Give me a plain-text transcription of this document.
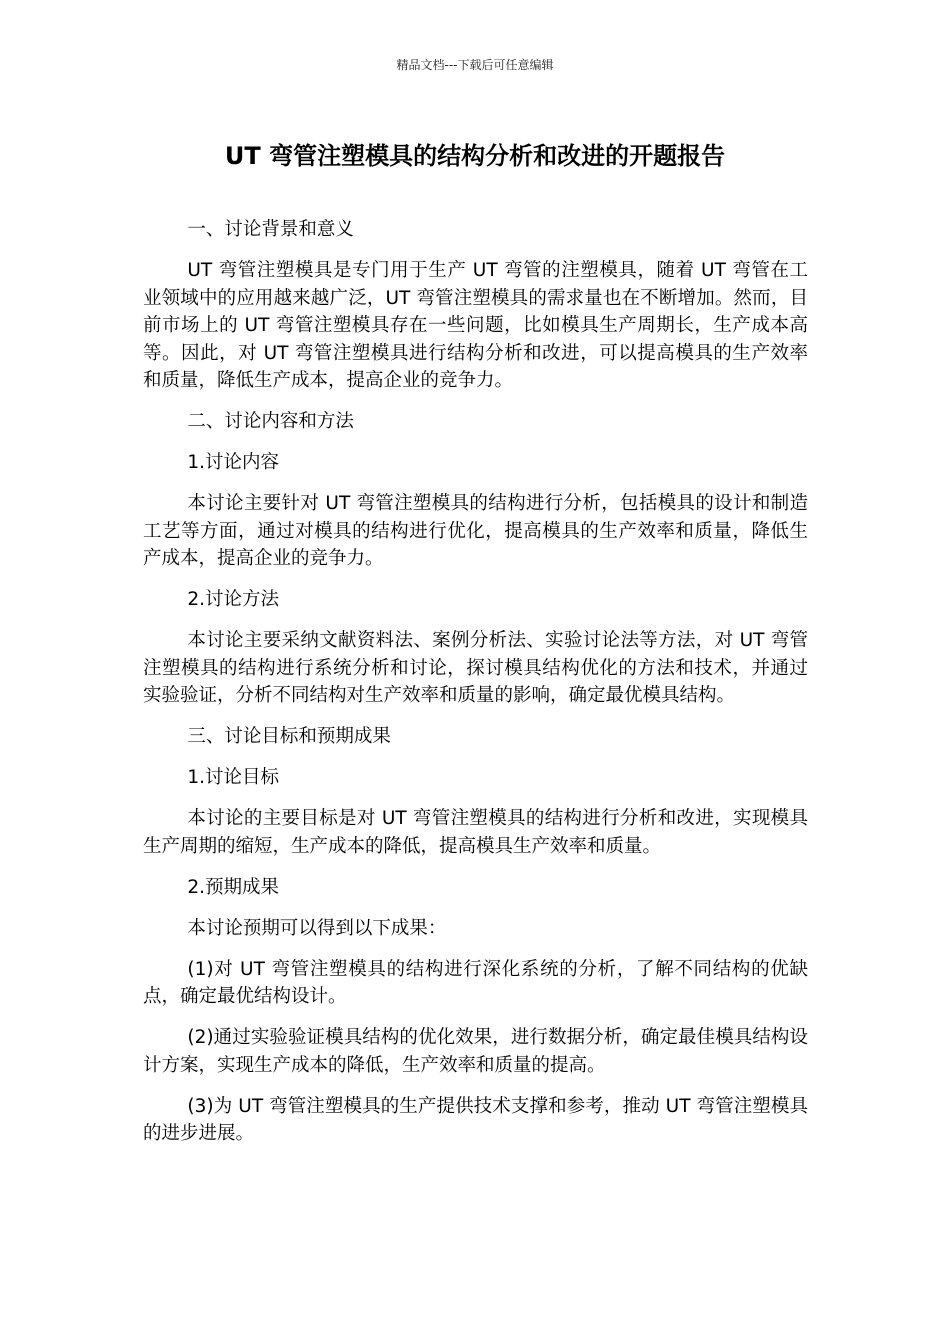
精品文档---下载后可任意编辑
UT 弯管注塑模具的结构分析和改进的开题报告

一、讨论背景和意义

UT 弯管注塑模具是专门用于生产 UT 弯管的注塑模具，随着 UT 弯管在工业领域中的应用越来越广泛，UT 弯管注塑模具的需求量也在不断增加。然而，目前市场上的 UT 弯管注塑模具存在一些问题，比如模具生产周期长，生产成本高等。因此，对 UT 弯管注塑模具进行结构分析和改进，可以提高模具的生产效率和质量，降低生产成本，提高企业的竞争力。

二、讨论内容和方法

1.讨论内容

本讨论主要针对 UT 弯管注塑模具的结构进行分析，包括模具的设计和制造工艺等方面，通过对模具的结构进行优化，提高模具的生产效率和质量，降低生产成本，提高企业的竞争力。

2.讨论方法

本讨论主要采纳文献资料法、案例分析法、实验讨论法等方法，对 UT 弯管注塑模具的结构进行系统分析和讨论，探讨模具结构优化的方法和技术，并通过实验验证，分析不同结构对生产效率和质量的影响，确定最优模具结构。

三、讨论目标和预期成果

1.讨论目标

本讨论的主要目标是对 UT 弯管注塑模具的结构进行分析和改进，实现模具生产周期的缩短，生产成本的降低，提高模具生产效率和质量。

2.预期成果

本讨论预期可以得到以下成果：

(1)对 UT 弯管注塑模具的结构进行深化系统的分析，了解不同结构的优缺点，确定最优结构设计。

(2)通过实验验证模具结构的优化效果，进行数据分析，确定最佳模具结构设计方案，实现生产成本的降低，生产效率和质量的提高。

(3)为 UT 弯管注塑模具的生产提供技术支撑和参考，推动 UT 弯管注塑模具的进步进展。
